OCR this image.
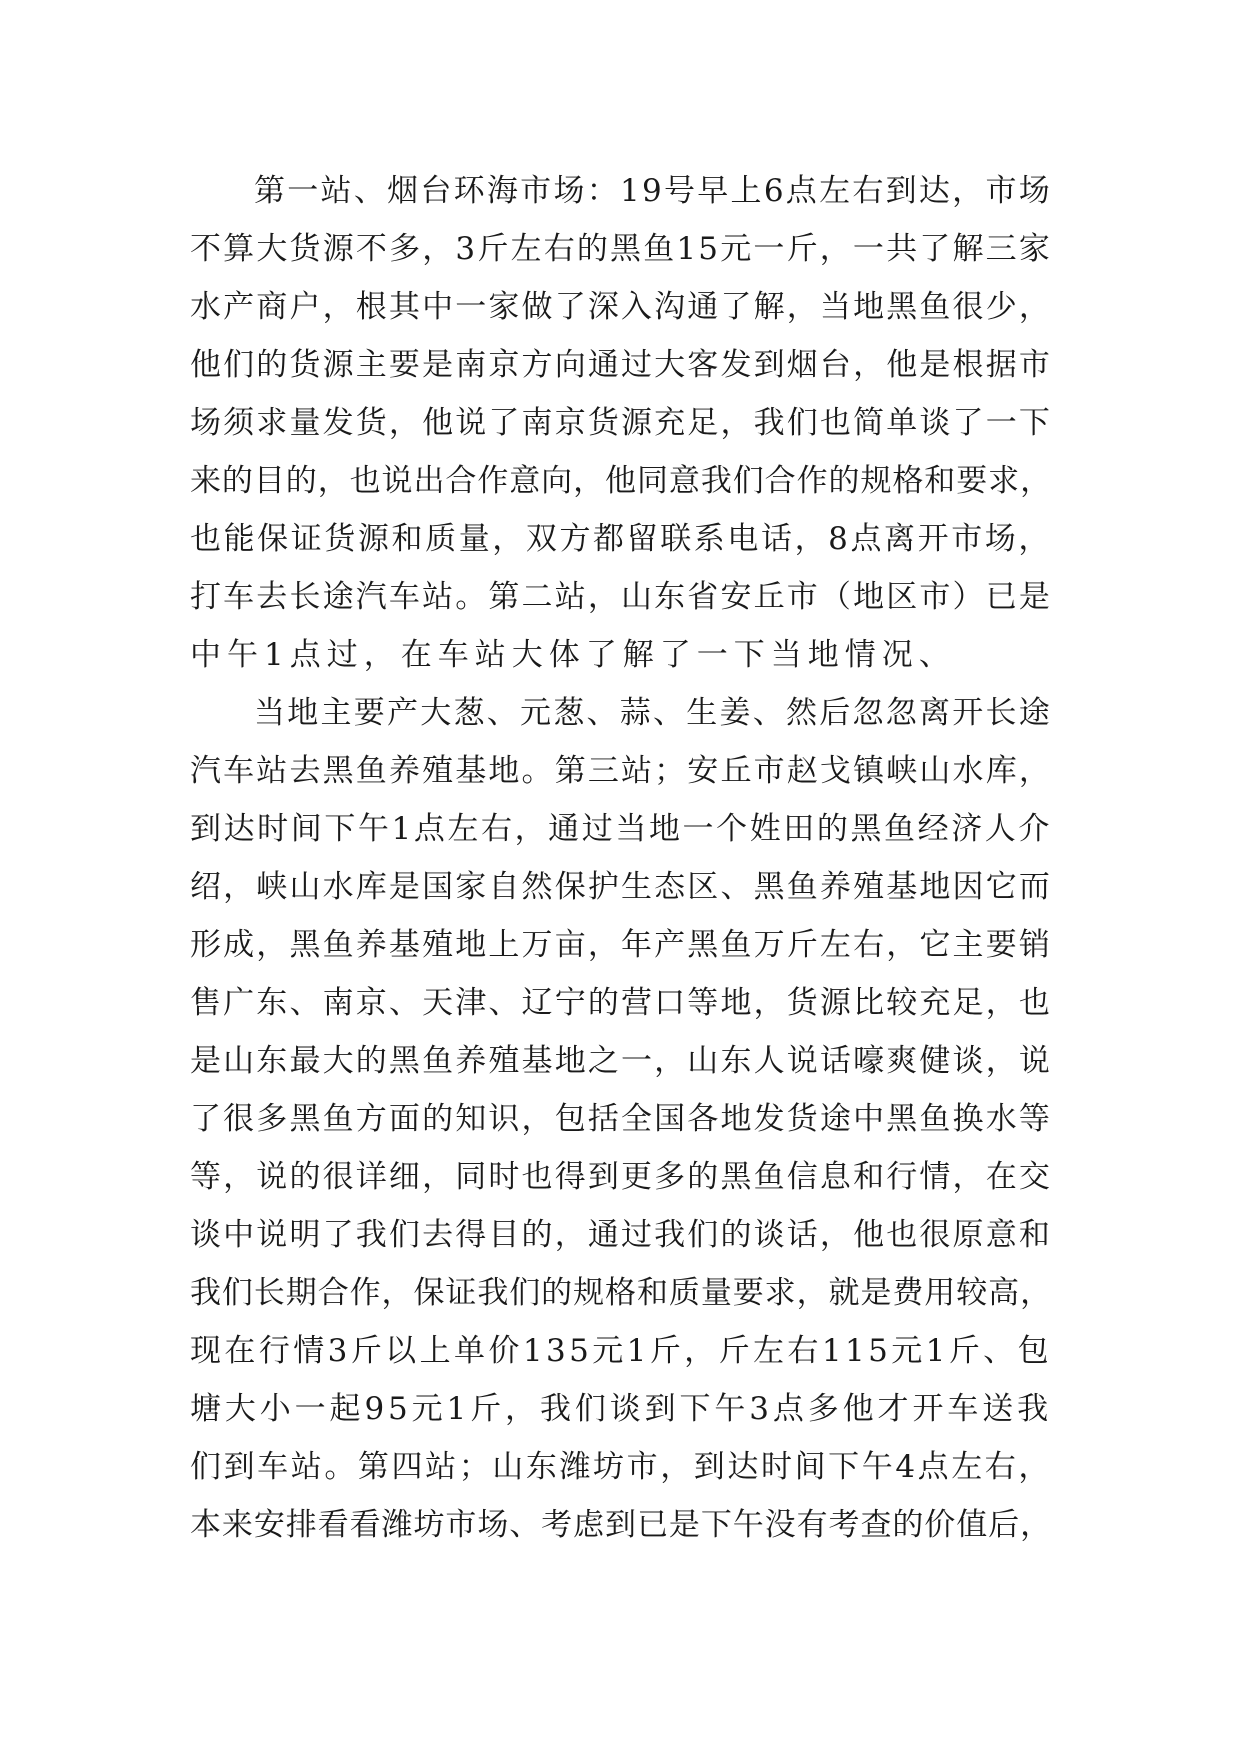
第一站、烟台环海市场：19号早上6点左右到达，市场
不算大货源不多，3斤左右的黑鱼15元一斤，一共了解三家
水产商户，根其中一家做了深入沟通了解，当地黑鱼很少，
他们的货源主要是南京方向通过大客发到烟台，他是根据市
场须求量发货，他说了南京货源充足，我们也简单谈了一下
来的目的，也说出合作意向，他同意我们合作的规格和要求，
也能保证货源和质量，双方都留联系电话，8点离开市场，
打车去长途汽车站。第二站，山东省安丘市（地区市）已是
中午1点过，在车站大体了解了一下当地情况、
当地主要产大葱、元葱、蒜、生姜、然后忽忽离开长途
汽车站去黑鱼养殖基地。第三站；安丘市赵戈镇峡山水库，
到达时间下午1点左右，通过当地一个姓田的黑鱼经济人介
绍，峡山水库是国家自然保护生态区、黑鱼养殖基地因它而
形成，黑鱼养基殖地上万亩，年产黑鱼万斤左右，它主要销
售广东、南京、天津、辽宁的营口等地，货源比较充足，也
是山东最大的黑鱼养殖基地之一，山东人说话嚎爽健谈，说
了很多黑鱼方面的知识，包括全国各地发货途中黑鱼换水等
等，说的很详细，同时也得到更多的黑鱼信息和行情，在交
谈中说明了我们去得目的，通过我们的谈话，他也很原意和
我们长期合作，保证我们的规格和质量要求，就是费用较高，
现在行情3斤以上单价135元1斤，斤左右115元1斤、包
塘大小一起95元1斤，我们谈到下午3点多他才开车送我
们到车站。第四站；山东潍坊市，到达时间下午4点左右，
本来安排看看潍坊市场、考虑到已是下午没有考查的价值后，
